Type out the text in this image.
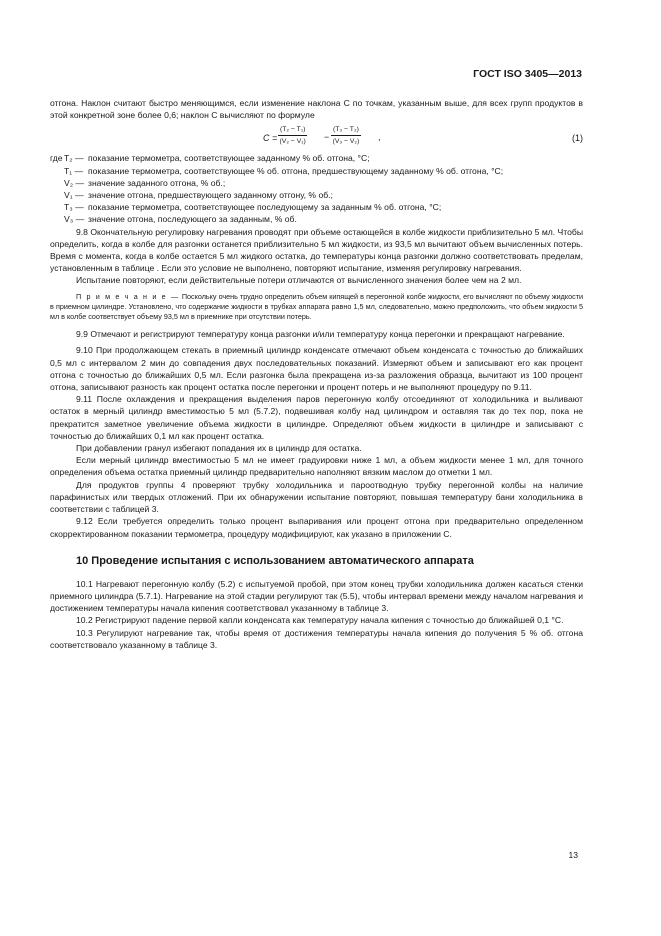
ГОСТ ISO 3405—2013

отгона. Наклон считают быстро меняющимся, если изменение наклона C по точкам, указанным выше, для всех групп продуктов в этой конкретной зоне более 0,6; наклон C вычисляют по формуле

$C = \frac{\text{(T₂ − T₁)}}{\text{(V₂ − V₁)}} - \frac{\text{(T₃ − T₂)}}{\text{(V₃ − V₂)}}$ ,	(1)
где T₂ — показание термометра, соответствующее заданному % об. отгона, °C;
T₁ — показание термометра, соответствующее % об. отгона, предшествующему заданному % об. отгона, °C;
V₂ — значение заданного отгона, % об.;
V₁ — значение отгона, предшествующего заданному отгону, % об.;
T₃ — показание термометра, соответствующее последующему за заданным % об. отгона, °C;
V₃ — значение отгона, последующего за заданным, % об.

9.8 Окончательную регулировку нагревания проводят при объеме остающейся в колбе жидкости приблизительно 5 мл. Чтобы определить, когда в колбе для разгонки останется приблизительно 5 мл жидкости, из 93,5 мл вычитают объем вычисленных потерь. Время с момента, когда в колбе остается 5 мл жидкого остатка, до температуры конца разгонки должно соответствовать пределам, установленным в таблице . Если это условие не выполнено, повторяют испытание, изменяя регулировку нагревания.

Испытание повторяют, если действительные потери отличаются от вычисленного значения более чем на 2 мл.

П р и м е ч а н и е — Поскольку очень трудно определить объем кипящей в перегонной колбе жидкости, его вычисляют по объему жидкости в приемном цилиндре. Установлено, что содержание жидкости в трубках аппарата равно 1,5 мл, следовательно, можно предположить, что объем жидкости 5 мл в колбе соответствует объему 93,5 мл в приемнике при отсутствии потерь.

9.9 Отмечают и регистрируют температуру конца разгонки и/или температуру конца перегонки и прекращают нагревание.

9.10 При продолжающем стекать в приемный цилиндр конденсате отмечают объем конденсата с точностью до ближайших 0,5 мл с интервалом 2 мин до совпадения двух последовательных показаний. Измеряют объем и записывают его как процент отгона с точностью до ближайших 0,5 мл. Если разгонка была прекращена из-за разложения образца, вычитают из 100 процент отгона, записывают разность как процент остатка после перегонки и процент потерь и не выполняют процедуру по 9.11.

9.11 После охлаждения и прекращения выделения паров перегонную колбу отсоединяют от холодильника и выливают остаток в мерный цилиндр вместимостью 5 мл (5.7.2), подвешивая колбу над цилиндром и оставляя так до тех пор, пока не прекратится заметное увеличение объема жидкости в цилиндре. Определяют объем жидкости в цилиндре и записывают с точностью до ближайших 0,1 мл как процент остатка.

При добавлении гранул избегают попадания их в цилиндр для остатка.

Если мерный цилиндр вместимостью 5 мл не имеет градуировки ниже 1 мл, а объем жидкости менее 1 мл, для точного определения объема остатка приемный цилиндр предварительно наполняют вязким маслом до отметки 1 мл.

Для продуктов группы 4 проверяют трубку холодильника и пароотводную трубку перегонной колбы на наличие парафинистых или твердых отложений. При их обнаружении испытание повторяют, повышая температуру бани холодильника в соответствии с таблицей 3.

9.12 Если требуется определить только процент выпаривания или процент отгона при предварительно определенном скорректированном показании термометра, процедуру модифицируют, как указано в приложении C.

10 Проведение испытания с использованием автоматического аппарата

10.1 Нагревают перегонную колбу (5.2) с испытуемой пробой, при этом конец трубки холодильника должен касаться стенки приемного цилиндра (5.7.1). Нагревание на этой стадии регулируют так (5.5), чтобы интервал времени между началом нагревания и достижением температуры начала кипения соответствовал указанному в таблице 3.

10.2 Регистрируют падение первой капли конденсата как температуру начала кипения с точностью до ближайшей 0,1 °C.

10.3 Регулируют нагревание так, чтобы время от достижения температуры начала кипения до получения 5 % об. отгона соответствовало указанному в таблице 3.

13
